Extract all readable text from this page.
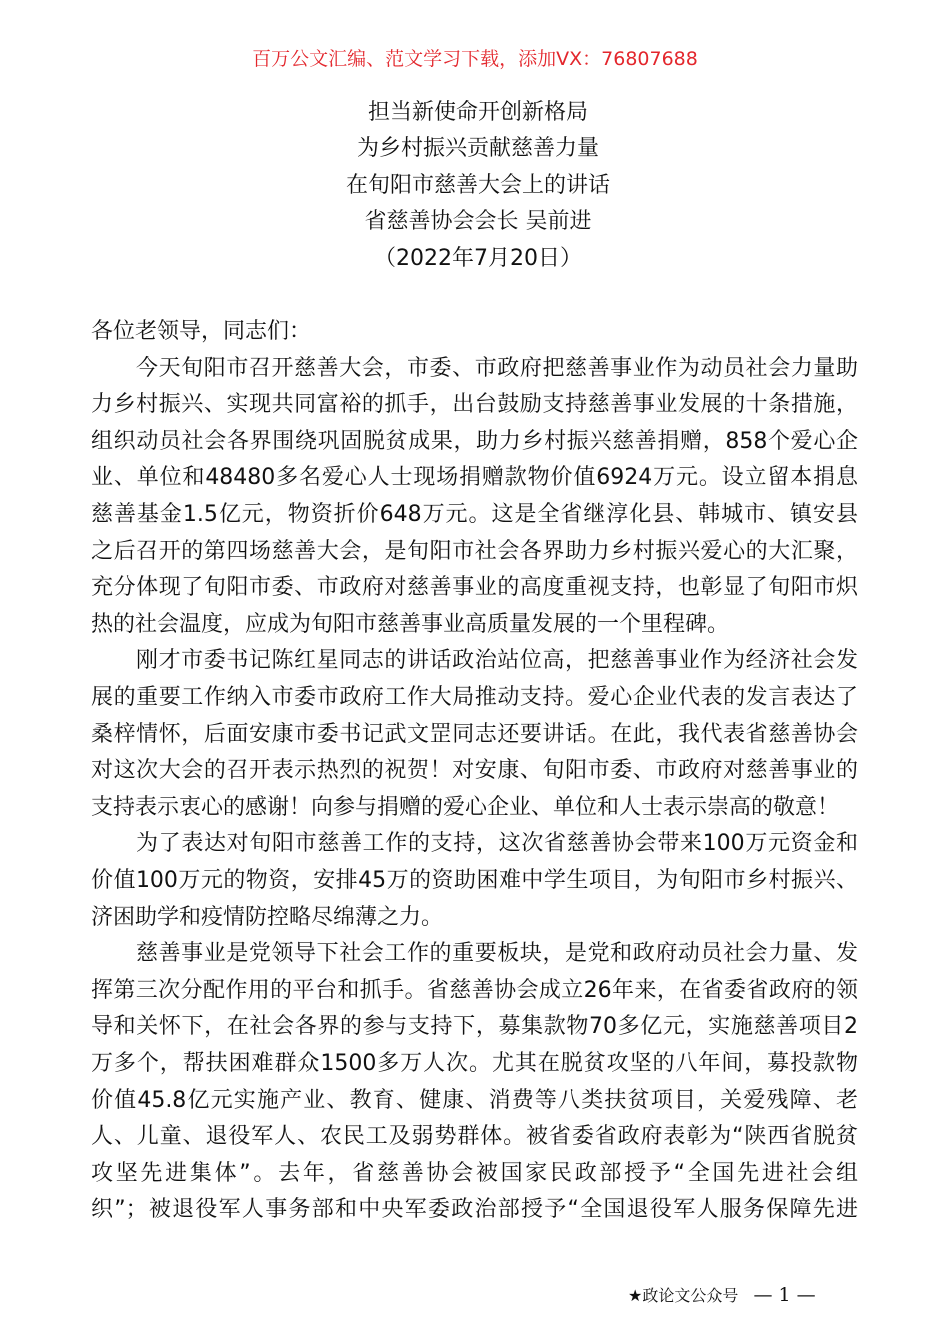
百万公文汇编、范文学习下载，添加VX：76807688
担当新使命开创新格局
为乡村振兴贡献慈善力量
在旬阳市慈善大会上的讲话
省慈善协会会长 吴前进
（2022年7月20日）
各位老领导，同志们：
今天旬阳市召开慈善大会，市委、市政府把慈善事业作为动员社会力量助
力乡村振兴、实现共同富裕的抓手，出台鼓励支持慈善事业发展的十条措施，
组织动员社会各界围绕巩固脱贫成果，助力乡村振兴慈善捐赠，858个爱心企
业、单位和48480多名爱心人士现场捐赠款物价值6924万元。设立留本捐息
慈善基金1.5亿元，物资折价648万元。这是全省继淳化县、韩城市、镇安县
之后召开的第四场慈善大会，是旬阳市社会各界助力乡村振兴爱心的大汇聚，
充分体现了旬阳市委、市政府对慈善事业的高度重视支持，也彰显了旬阳市炽
热的社会温度，应成为旬阳市慈善事业高质量发展的一个里程碑。
刚才市委书记陈红星同志的讲话政治站位高，把慈善事业作为经济社会发
展的重要工作纳入市委市政府工作大局推动支持。爱心企业代表的发言表达了
桑梓情怀，后面安康市委书记武文罡同志还要讲话。在此，我代表省慈善协会
对这次大会的召开表示热烈的祝贺！对安康、旬阳市委、市政府对慈善事业的
支持表示衷心的感谢！向参与捐赠的爱心企业、单位和人士表示崇高的敬意！
为了表达对旬阳市慈善工作的支持，这次省慈善协会带来100万元资金和
价值100万元的物资，安排45万的资助困难中学生项目，为旬阳市乡村振兴、
济困助学和疫情防控略尽绵薄之力。
慈善事业是党领导下社会工作的重要板块，是党和政府动员社会力量、发
挥第三次分配作用的平台和抓手。省慈善协会成立26年来，在省委省政府的领
导和关怀下，在社会各界的参与支持下，募集款物70多亿元，实施慈善项目2
万多个，帮扶困难群众1500多万人次。尤其在脱贫攻坚的八年间，募投款物
价值45.8亿元实施产业、教育、健康、消费等八类扶贫项目，关爱残障、老
人、儿童、退役军人、农民工及弱势群体。被省委省政府表彰为“陕西省脱贫
攻坚先进集体”。去年，省慈善协会被国家民政部授予“全国先进社会组
织”；被退役军人事务部和中央军委政治部授予“全国退役军人服务保障先进
★政论文公众号 — 1 —
